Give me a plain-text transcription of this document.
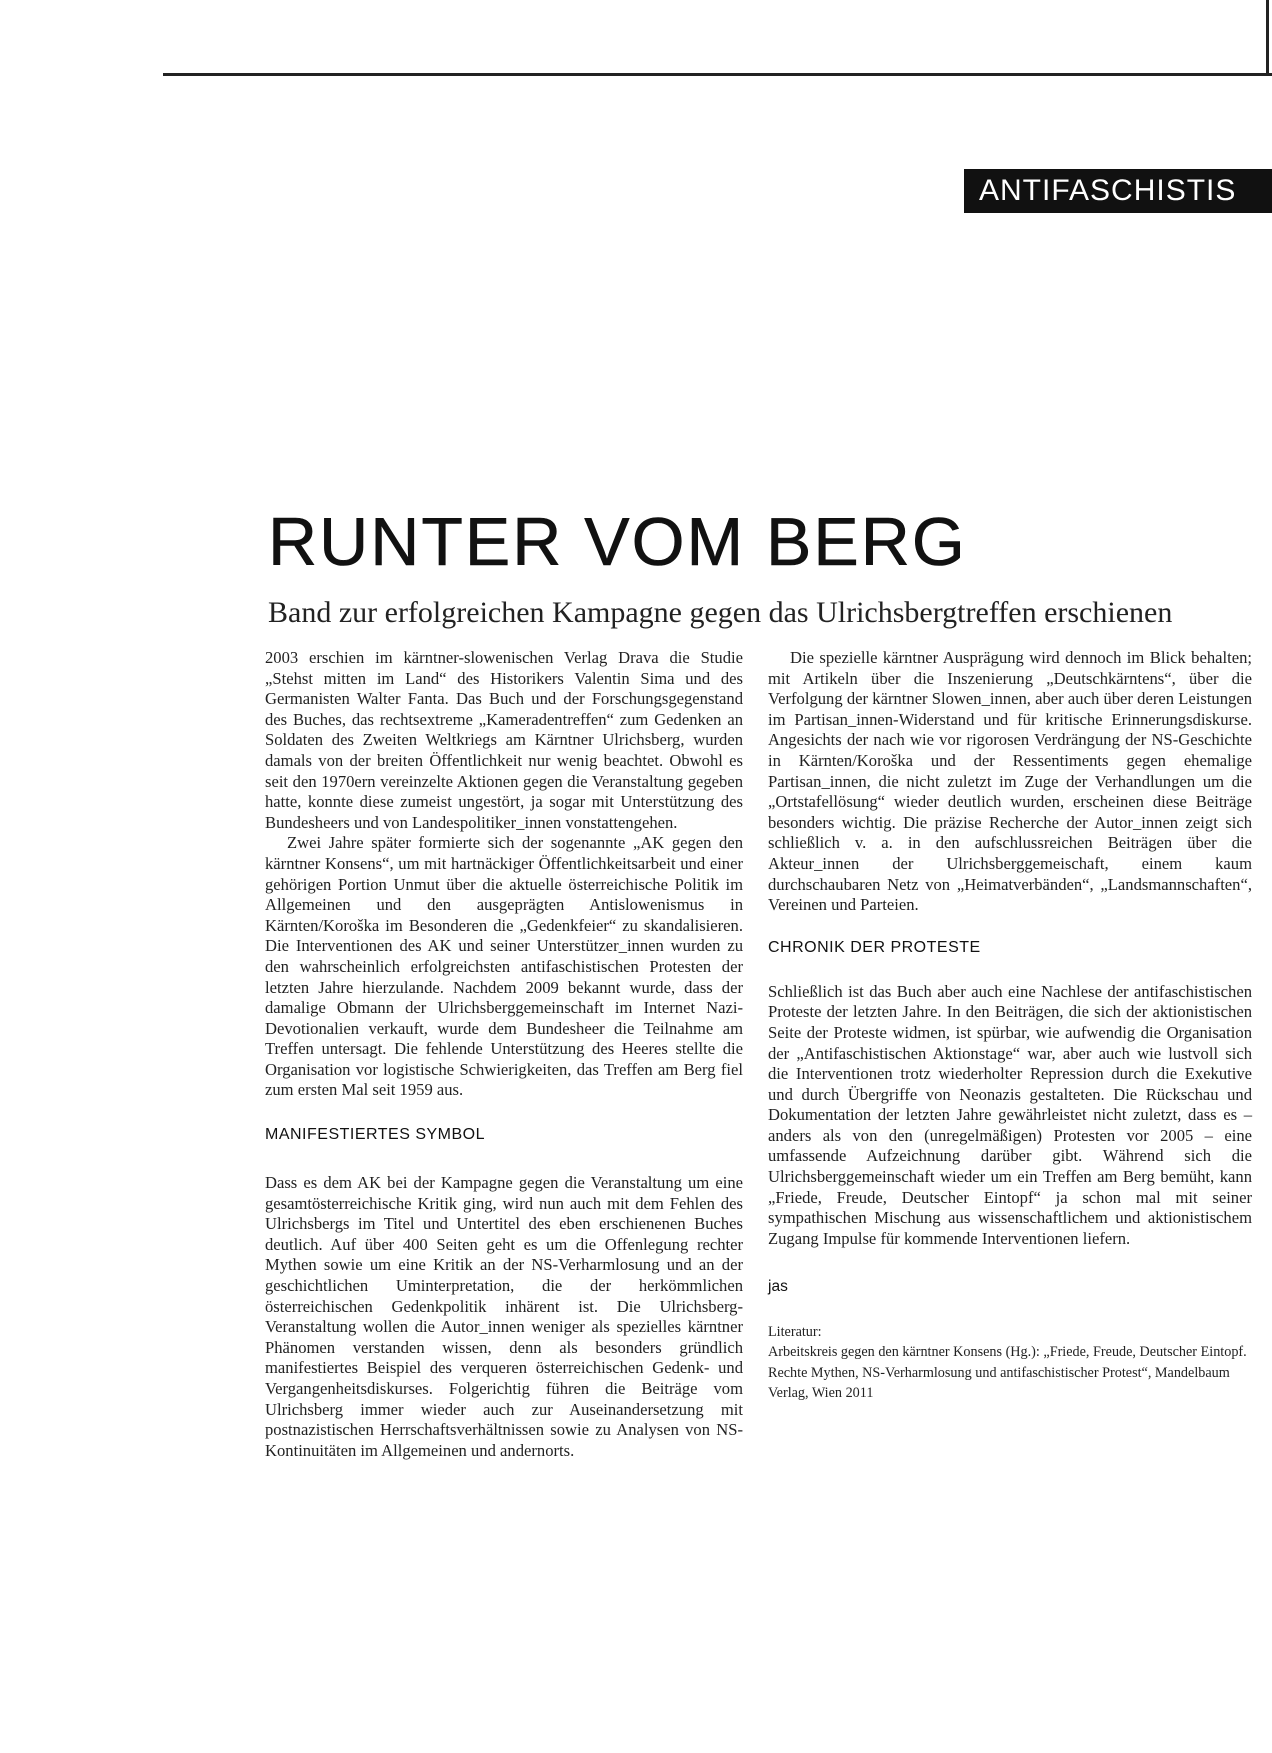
ANTIFASCHISTIS
RUNTER VOM BERG
Band zur erfolgreichen Kampagne gegen das Ulrichsbergtreffen erschienen

2003 erschien im kärntner-slowenischen Verlag Drava die Studie „Stehst mitten im Land“ des Historikers Valentin Sima und des Germanisten Walter Fanta. Das Buch und der Forschungsgegenstand des Buches, das rechtsextreme „Kameradentreffen“ zum Gedenken an Soldaten des Zweiten Weltkriegs am Kärntner Ulrichsberg, wurden damals von der breiten Öffentlichkeit nur wenig beachtet. Obwohl es seit den 1970ern vereinzelte Aktionen gegen die Veranstaltung gegeben hatte, konnte diese zumeist ungestört, ja sogar mit Unterstützung des Bundesheers und von Landespolitiker_innen vonstattengehen.

Zwei Jahre später formierte sich der sogenannte „AK gegen den kärntner Konsens“, um mit hartnäckiger Öffentlichkeitsarbeit und einer gehörigen Portion Unmut über die aktuelle österreichische Politik im Allgemeinen und den ausgeprägten Antislowenismus in Kärnten/Koroška im Besonderen die „Gedenkfeier“ zu skandalisieren. Die Interventionen des AK und seiner Unterstützer_innen wurden zu den wahrscheinlich erfolgreichsten antifaschistischen Protesten der letzten Jahre hierzulande. Nachdem 2009 bekannt wurde, dass der damalige Obmann der Ulrichsberggemeinschaft im Internet Nazi-Devotionalien verkauft, wurde dem Bundesheer die Teilnahme am Treffen untersagt. Die fehlende Unterstützung des Heeres stellte die Organisation vor logistische Schwierigkeiten, das Treffen am Berg fiel zum ersten Mal seit 1959 aus.

MANIFESTIERTES SYMBOL

Dass es dem AK bei der Kampagne gegen die Veranstaltung um eine gesamtösterreichische Kritik ging, wird nun auch mit dem Fehlen des Ulrichsbergs im Titel und Untertitel des eben erschienenen Buches deutlich. Auf über 400 Seiten geht es um die Offenlegung rechter Mythen sowie um eine Kritik an der NS-Verharmlosung und an der geschichtlichen Uminterpretation, die der herkömmlichen österreichischen Gedenkpolitik inhärent ist. Die Ulrichsberg-Veranstaltung wollen die Autor_innen weniger als spezielles kärntner Phänomen verstanden wissen, denn als besonders gründlich manifestiertes Beispiel des verqueren österreichischen Gedenk- und Vergangenheitsdiskurses. Folgerichtig führen die Beiträge vom Ulrichsberg immer wieder auch zur Auseinandersetzung mit postnazistischen Herrschaftsverhältnissen sowie zu Analysen von NS-Kontinuitäten im Allgemeinen und andernorts.

Die spezielle kärntner Ausprägung wird dennoch im Blick behalten; mit Artikeln über die Inszenierung „Deutschkärntens“, über die Verfolgung der kärntner Slowen_innen, aber auch über deren Leistungen im Partisan_innen-Widerstand und für kritische Erinnerungsdiskurse. Angesichts der nach wie vor rigorosen Verdrängung der NS-Geschichte in Kärnten/Koroška und der Ressentiments gegen ehemalige Partisan_innen, die nicht zuletzt im Zuge der Verhandlungen um die „Ortstafellösung“ wieder deutlich wurden, erscheinen diese Beiträge besonders wichtig. Die präzise Recherche der Autor_innen zeigt sich schließlich v. a. in den aufschlussreichen Beiträgen über die Akteur_innen der Ulrichsberggemeischaft, einem kaum durchschaubaren Netz von „Heimatverbänden“, „Landsmannschaften“, Vereinen und Parteien.

CHRONIK DER PROTESTE

Schließlich ist das Buch aber auch eine Nachlese der antifaschistischen Proteste der letzten Jahre. In den Beiträgen, die sich der aktionistischen Seite der Proteste widmen, ist spürbar, wie aufwendig die Organisation der „Antifaschistischen Aktionstage“ war, aber auch wie lustvoll sich die Interventionen trotz wiederholter Repression durch die Exekutive und durch Übergriffe von Neonazis gestalteten. Die Rückschau und Dokumentation der letzten Jahre gewährleistet nicht zuletzt, dass es – anders als von den (unregelmäßigen) Protesten vor 2005 – eine umfassende Aufzeichnung darüber gibt. Während sich die Ulrichsberggemeinschaft wieder um ein Treffen am Berg bemüht, kann „Friede, Freude, Deutscher Eintopf“ ja schon mal mit seiner sympathischen Mischung aus wissenschaftlichem und aktionistischem Zugang Impulse für kommende Interventionen liefern.

jas

Literatur:

Arbeitskreis gegen den kärntner Konsens (Hg.): „Friede, Freude, Deutscher Eintopf. Rechte Mythen, NS-Verharmlosung und antifaschistischer Protest“, Mandelbaum Verlag, Wien 2011
